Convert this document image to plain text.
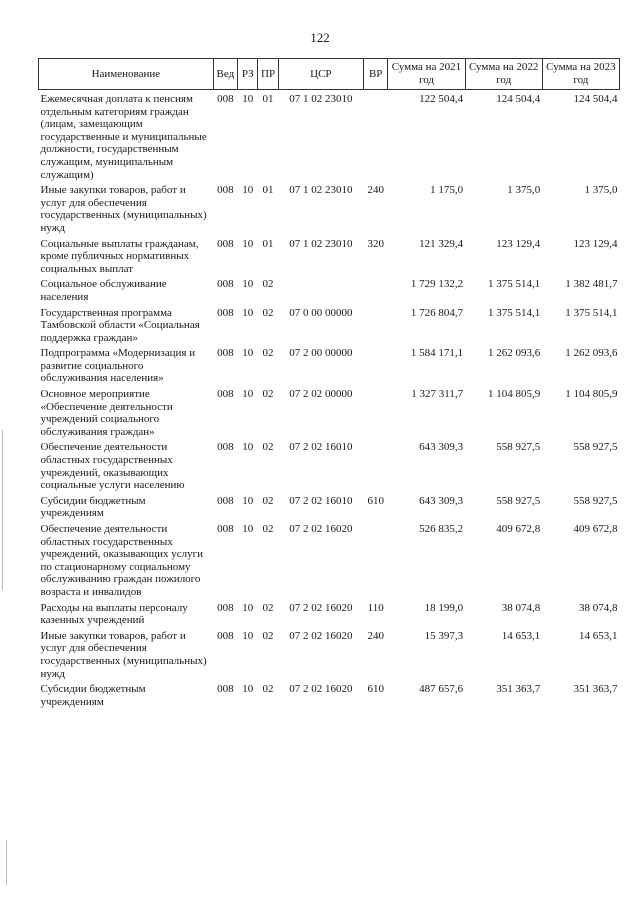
122
Наименование	Вед	РЗ	ПР	ЦСР	ВР	Сумма на 2021 год	Сумма на 2022 год	Сумма на 2023 год
Ежемесячная доплата к пенсиям отдельным категориям граждан (лицам, замещающим государственные и муниципальные должности, государственным служащим, муниципальным служащим)	008	10	01	07 1 02 23010		122 504,4	124 504,4	124 504,4
Иные закупки товаров, работ и услуг для обеспечения государственных (муниципальных) нужд	008	10	01	07 1 02 23010	240	1 175,0	1 375,0	1 375,0
Социальные выплаты гражданам, кроме публичных нормативных социальных выплат	008	10	01	07 1 02 23010	320	121 329,4	123 129,4	123 129,4
Социальное обслуживание населения	008	10	02			1 729 132,2	1 375 514,1	1 382 481,7
Государственная программа Тамбовской области «Социальная поддержка граждан»	008	10	02	07 0 00 00000		1 726 804,7	1 375 514,1	1 375 514,1
Подпрограмма «Модернизация и развитие социального обслуживания населения»	008	10	02	07 2 00 00000		1 584 171,1	1 262 093,6	1 262 093,6
Основное мероприятие «Обеспечение деятельности учреждений социального обслуживания граждан»	008	10	02	07 2 02 00000		1 327 311,7	1 104 805,9	1 104 805,9
Обеспечение деятельности областных государственных учреждений, оказывающих социальные услуги населению	008	10	02	07 2 02 16010		643 309,3	558 927,5	558 927,5
Субсидии бюджетным учреждениям	008	10	02	07 2 02 16010	610	643 309,3	558 927,5	558 927,5
Обеспечение деятельности областных государственных учреждений, оказывающих услуги по стационарному социальному обслуживанию граждан пожилого возраста и инвалидов	008	10	02	07 2 02 16020		526 835,2	409 672,8	409 672,8
Расходы на выплаты персоналу казенных учреждений	008	10	02	07 2 02 16020	110	18 199,0	38 074,8	38 074,8
Иные закупки товаров, работ и услуг для обеспечения государственных (муниципальных) нужд	008	10	02	07 2 02 16020	240	15 397,3	14 653,1	14 653,1
Субсидии бюджетным учреждениям	008	10	02	07 2 02 16020	610	487 657,6	351 363,7	351 363,7
